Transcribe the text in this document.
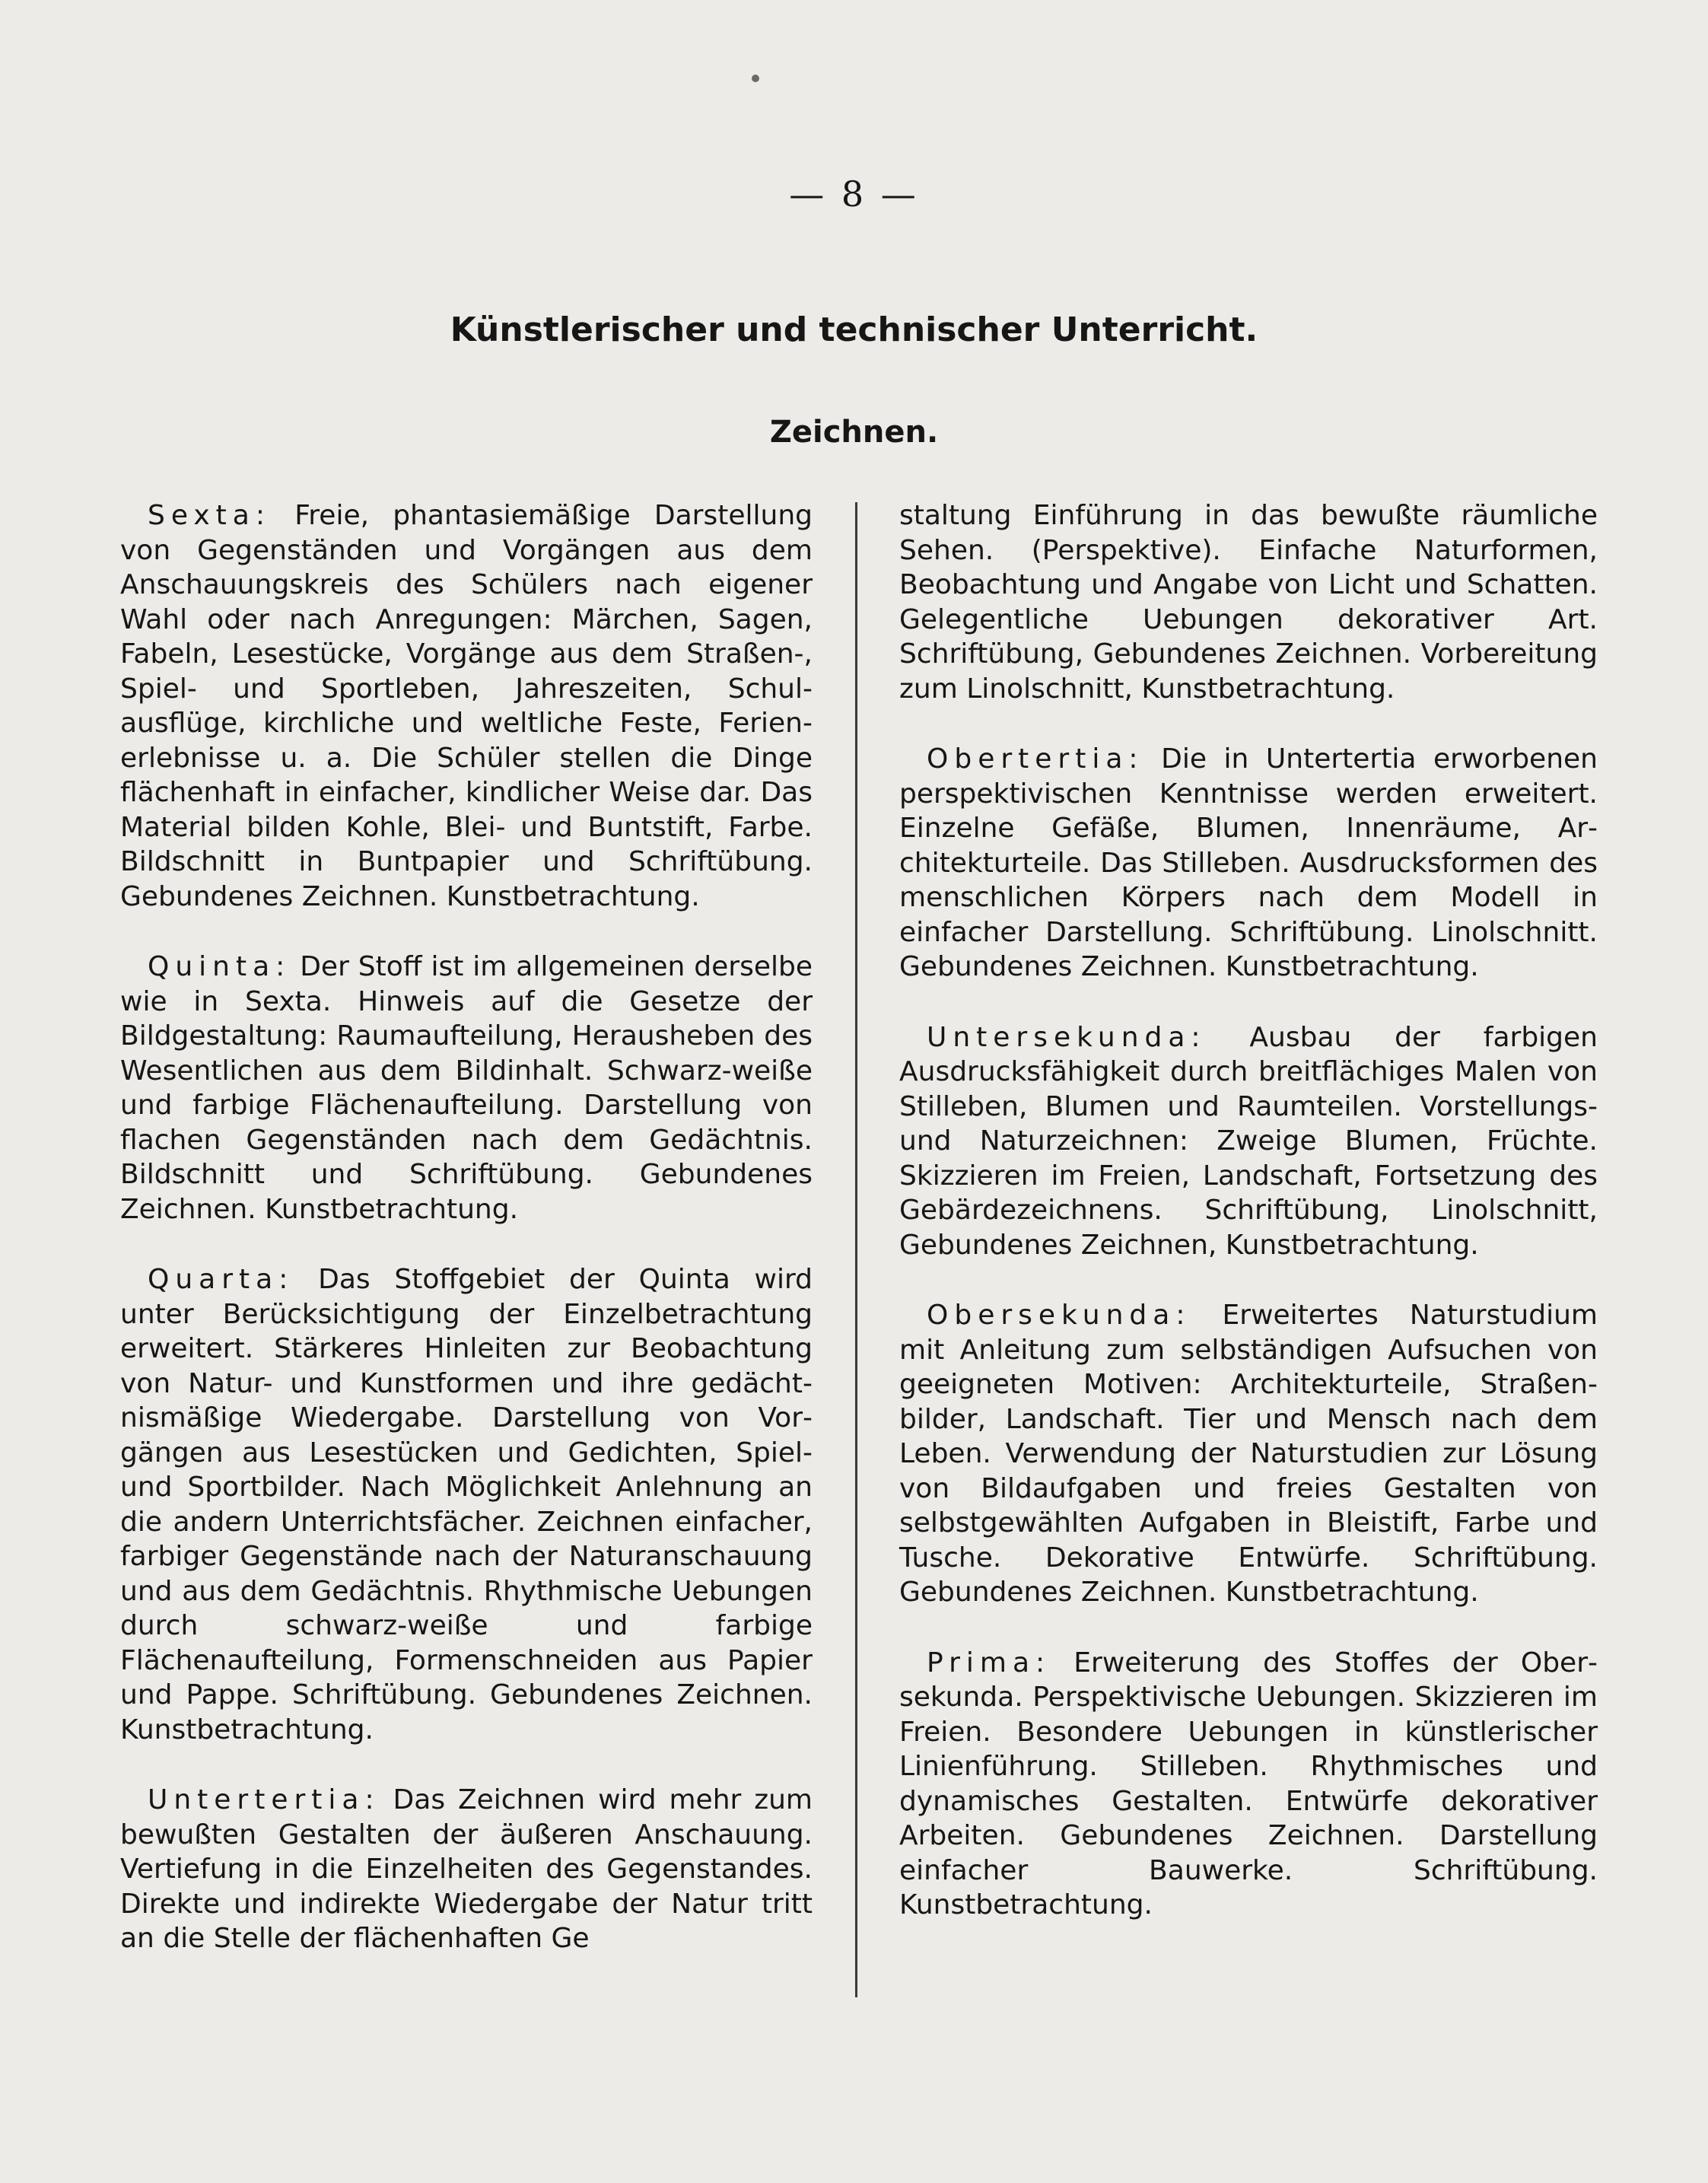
— 8 —
Künstlerischer und technischer Unterricht.
Zeichnen.

Sexta: Freie, phantasiemäßige Darstellung von Gegenständen und Vorgängen aus dem Anschauungskreis des Schülers nach eigener Wahl oder nach Anregungen: Märchen, Sagen, Fabeln, Lesestücke, Vorgänge aus dem Straßen-, Spiel- und Sportleben, Jahreszeiten, Schulausflüge, kirchliche und weltliche Feste, Ferienerlebnisse u. a. Die Schüler stellen die Dinge flächenhaft in einfacher, kindlicher Weise dar. Das Material bilden Kohle, Blei- und Buntstift, Farbe. Bildschnitt in Buntpapier und Schriftübung. Gebundenes Zeichnen. Kunstbetrachtung.

Quinta: Der Stoff ist im allgemeinen derselbe wie in Sexta. Hinweis auf die Gesetze der Bildgestaltung: Raumaufteilung, Herausheben des Wesentlichen aus dem Bildinhalt. Schwarz-weiße und farbige Flächenaufteilung. Darstellung von flachen Gegenständen nach dem Gedächtnis. Bildschnitt und Schriftübung. Gebundenes Zeichnen. Kunstbetrachtung.

Quarta: Das Stoffgebiet der Quinta wird unter Berücksichtigung der Einzelbetrachtung erweitert. Stärkeres Hinleiten zur Beobachtung von Natur- und Kunstformen und ihre gedächtnismäßige Wiedergabe. Darstellung von Vorgängen aus Lesestücken und Gedichten, Spiel- und Sportbilder. Nach Möglichkeit Anlehnung an die andern Unterrichtsfächer. Zeichnen einfacher, farbiger Gegenstände nach der Naturanschauung und aus dem Gedächtnis. Rhythmische Uebungen durch schwarz-weiße und farbige Flächenaufteilung, Formenschneiden aus Papier und Pappe. Schriftübung. Gebundenes Zeichnen. Kunstbetrachtung.

Untertertia: Das Zeichnen wird mehr zum bewußten Gestalten der äußeren Anschauung. Vertiefung in die Einzelheiten des Gegenstandes. Direkte und indirekte Wiedergabe der Natur tritt an die Stelle der flächenhaften Ge

staltung Einführung in das bewußte räumliche Sehen. (Perspektive). Einfache Naturformen, Beobachtung und Angabe von Licht und Schatten. Gelegentliche Uebungen dekorativer Art. Schriftübung, Gebundenes Zeichnen. Vorbereitung zum Linolschnitt, Kunstbetrachtung.

Obertertia: Die in Untertertia erworbenen perspektivischen Kenntnisse werden erweitert. Einzelne Gefäße, Blumen, Innenräume, Architekturteile. Das Stilleben. Ausdrucksformen des menschlichen Körpers nach dem Modell in einfacher Darstellung. Schriftübung. Linolschnitt. Gebundenes Zeichnen. Kunstbetrachtung.

Untersekunda: Ausbau der farbigen Ausdrucksfähigkeit durch breitflächiges Malen von Stilleben, Blumen und Raumteilen. Vorstellungs- und Naturzeichnen: Zweige Blumen, Früchte. Skizzieren im Freien, Landschaft, Fortsetzung des Gebärdezeichnens. Schriftübung, Linolschnitt, Gebundenes Zeichnen, Kunstbetrachtung.

Obersekunda: Erweitertes Naturstudium mit Anleitung zum selbständigen Aufsuchen von geeigneten Motiven: Architekturteile, Straßenbilder, Landschaft. Tier und Mensch nach dem Leben. Verwendung der Naturstudien zur Lösung von Bildaufgaben und freies Gestalten von selbstgewählten Aufgaben in Bleistift, Farbe und Tusche. Dekorative Entwürfe. Schriftübung. Gebundenes Zeichnen. Kunstbetrachtung.

Prima: Erweiterung des Stoffes der Obersekunda. Perspektivische Uebungen. Skizzieren im Freien. Besondere Uebungen in künstlerischer Linienführung. Stilleben. Rhythmisches und dynamisches Gestalten. Entwürfe dekorativer Arbeiten. Gebundenes Zeichnen. Darstellung einfacher Bauwerke. Schriftübung. Kunstbetrachtung.
